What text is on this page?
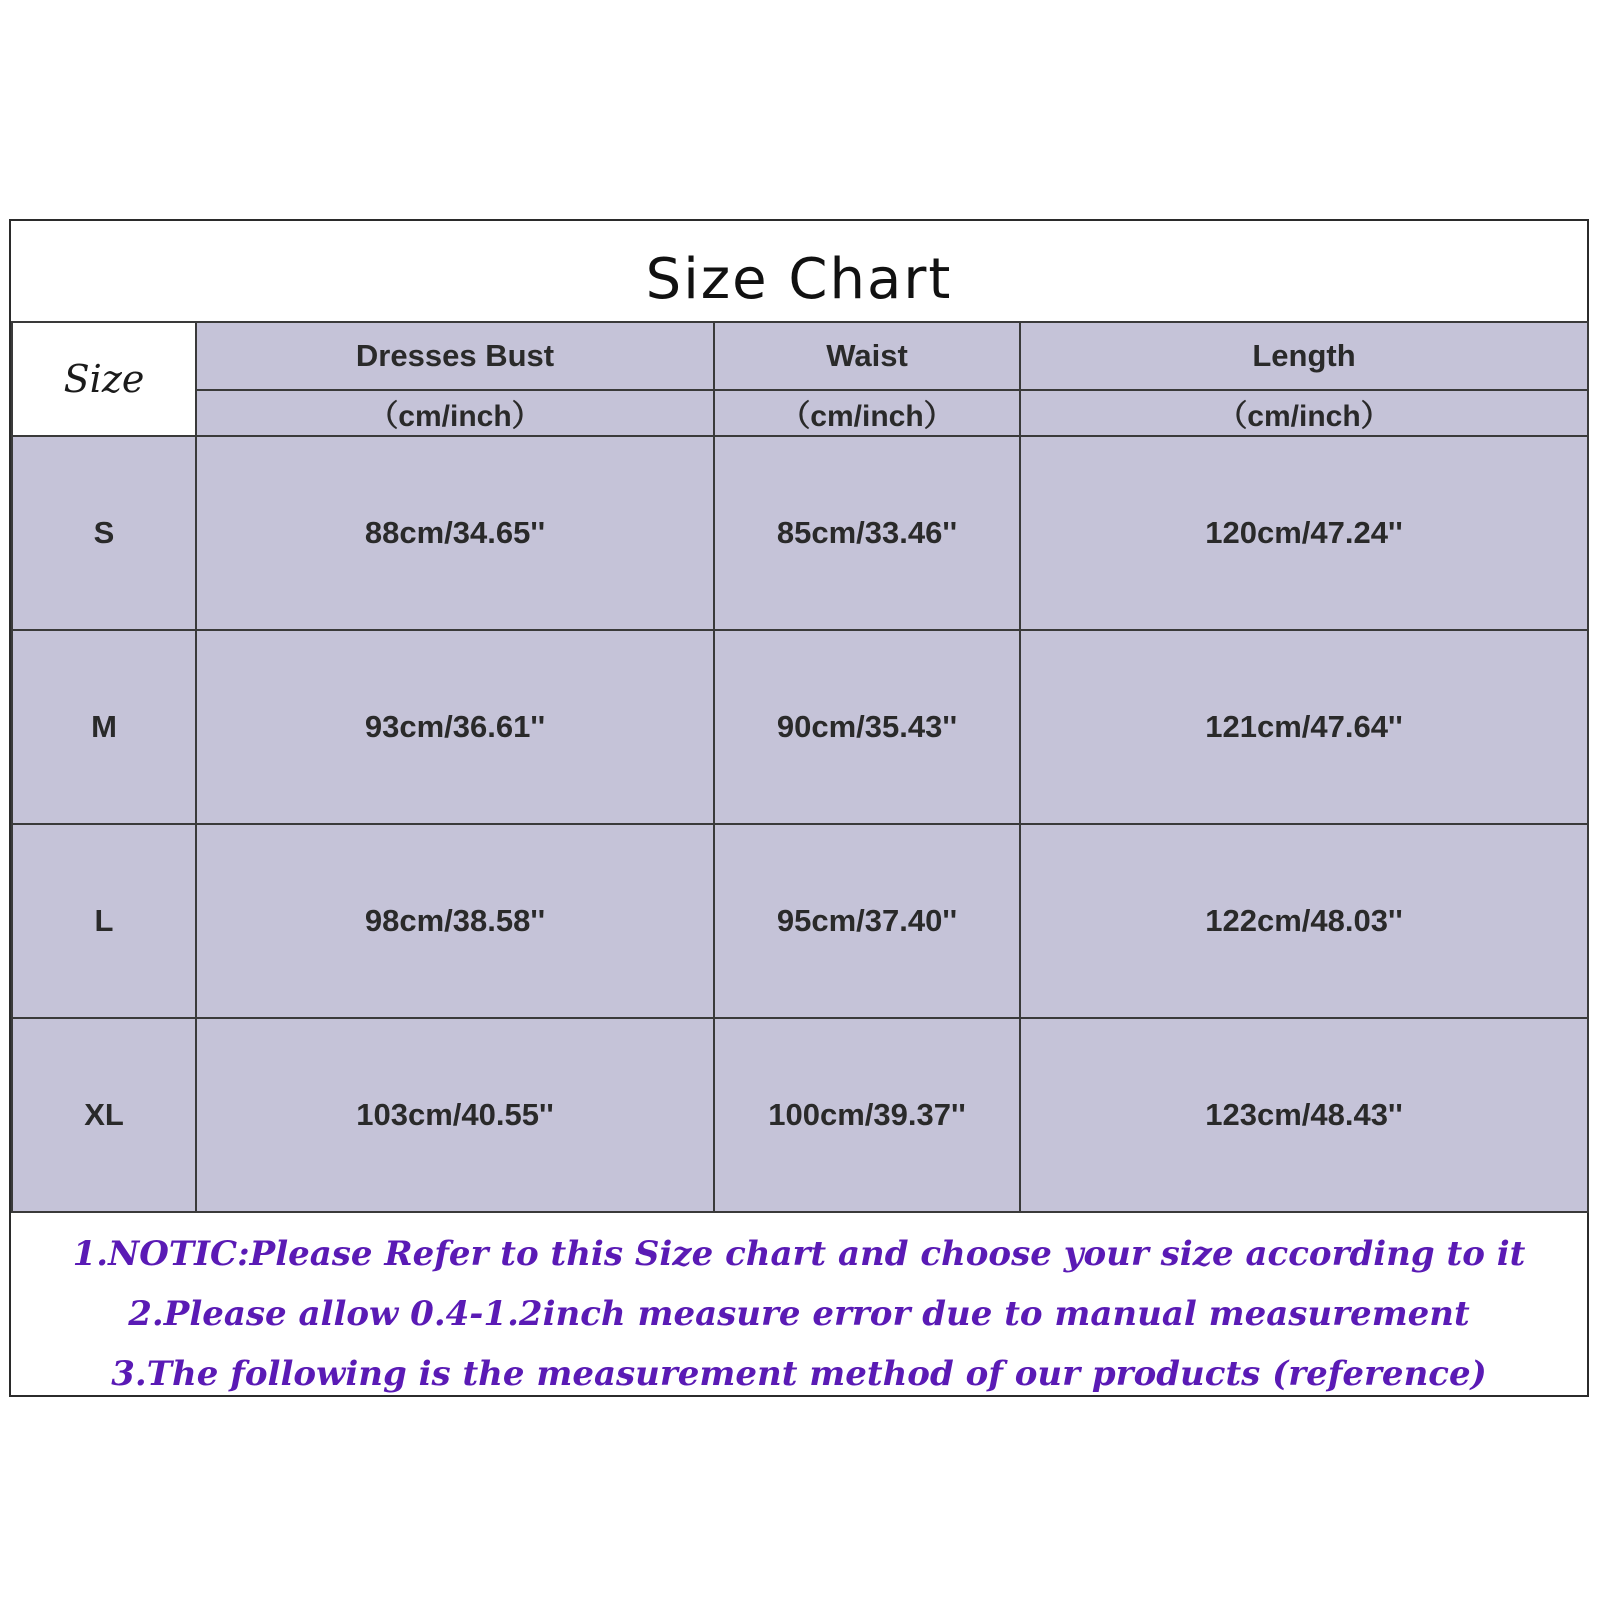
Size Chart
Size	Dresses Bust	Waist	Length
	（cm/inch）	（cm/inch）	（cm/inch）
S	88cm/34.65''	85cm/33.46''	120cm/47.24''
M	93cm/36.61''	90cm/35.43''	121cm/47.64''
L	98cm/38.58''	95cm/37.40''	122cm/48.03''
XL	103cm/40.55''	100cm/39.37''	123cm/48.43''
1.NOTIC:Please Refer to this Size chart and choose your size according to it
2.Please allow 0.4-1.2inch measure error due to manual measurement
3.The following is the measurement method of our products (reference)
